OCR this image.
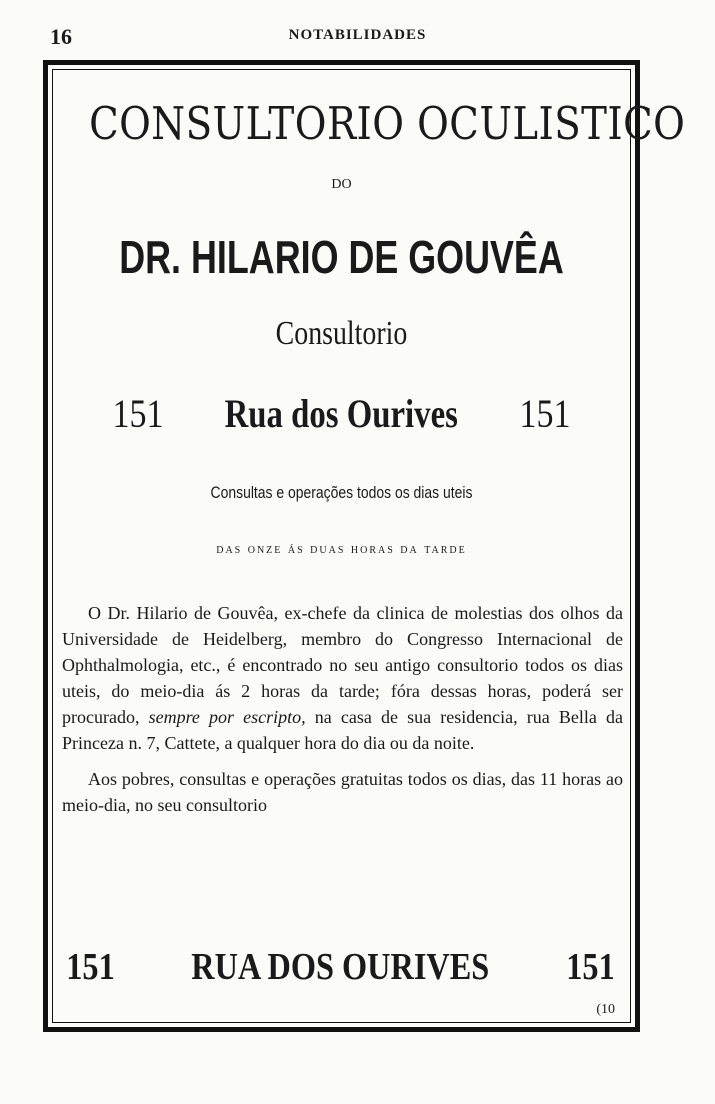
16	NOTABILIDADES
CONSULTORIO OCULISTICO
DO
DR. HILARIO DE GOUVÊA
Consultorio
151 Rua dos Ourives 151
Consultas e operações todos os dias uteis
das onze ás duas horas da tarde

O Dr. Hilario de Gouvêa, ex-chefe da clinica de molestias dos olhos da Universidade de Heidelberg, membro do Congresso Internacional de Ophthalmologia, etc., é encontrado no seu antigo consultorio todos os dias uteis, do meio-dia ás 2 horas da tarde; fóra dessas horas, poderá ser procurado, sempre por escripto, na casa de sua residencia, rua Bella da Princeza n. 7, Cattete, a qualquer hora do dia ou da noite.

Aos pobres, consultas e operações gratuitas todos os dias, das 11 horas ao meio-dia, no seu consultorio

151 RUA DOS OURIVES 151
(10
